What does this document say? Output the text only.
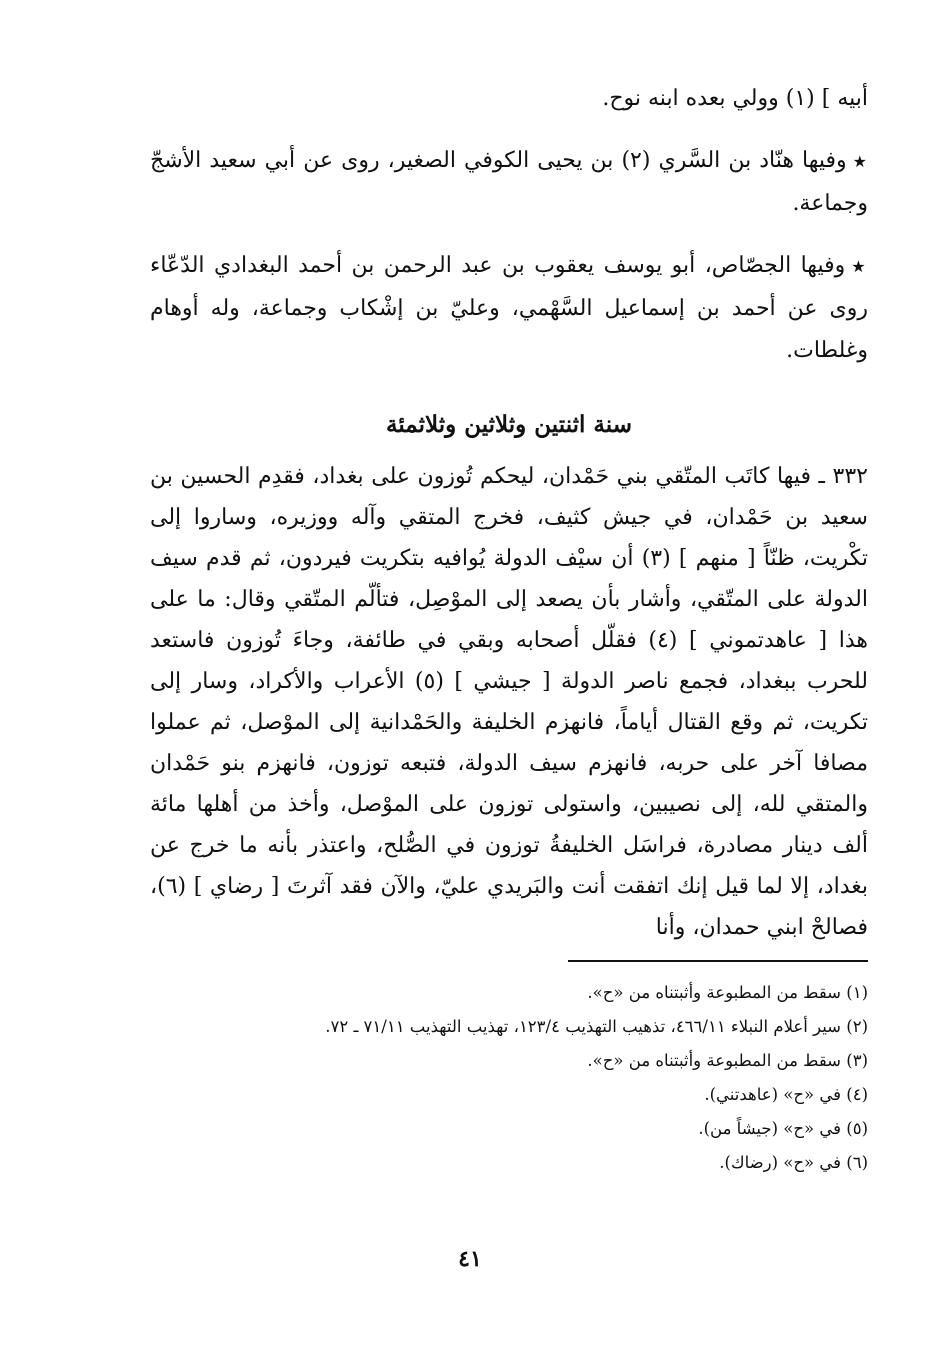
أبيه ] (١) وولي بعده ابنه نوح.

★وفيها هنّاد بن السَّري (٢) بن يحيى الكوفي الصغير، روى عن أبي سعيد الأشجّ وجماعة.

★وفيها الجصّاص، أبو يوسف يعقوب بن عبد الرحمن بن أحمد البغدادي الدّعّاء روى عن أحمد بن إسماعيل السَّهْمي، وعليّ بن إشْكاب وجماعة، وله أوهام وغلطات.

سنة اثنتين وثلاثين وثلاثمئة

٣٣٢ ـ فيها كاتَب المتّقي بني حَمْدان، ليحكم تُوزون على بغداد، فقدِم الحسين بن سعيد بن حَمْدان، في جيش كثيف، فخرج المتقي وآله ووزيره، وساروا إلى تكْريت، ظنّاً [ منهم ] (٣) أن سيْف الدولة يُوافيه بتكريت فيردون، ثم قدم سيف الدولة على المتّقي، وأشار بأن يصعد إلى الموْصِل، فتألّم المتّقي وقال: ما على هذا [ عاهدتموني ] (٤) فقلّل أصحابه وبقي في طائفة، وجاءَ تُوزون فاستعد للحرب ببغداد، فجمع ناصر الدولة [ جيشي ] (٥) الأعراب والأكراد، وسار إلى تكريت، ثم وقع القتال أياماً، فانهزم الخليفة والحَمْدانية إلى الموْصل، ثم عملوا مصافا آخر على حربه، فانهزم سيف الدولة، فتبعه توزون، فانهزم بنو حَمْدان والمتقي لله، إلى نصيبين، واستولى توزون على الموْصل، وأخذ من أهلها مائة ألف دينار مصادرة، فراسَل الخليفةُ توزون في الصُّلح، واعتذر بأنه ما خرج عن بغداد، إلا لما قيل إنك اتفقت أنت والبَريدي عليّ، والآن فقد آثرتَ [ رضاي ] (٦)، فصالحْ ابني حمدان، وأنا

(١) سقط من المطبوعة وأثبتناه من «ح».
(٢) سير أعلام النبلاء ٤٦٦/١١، تذهيب التهذيب ١٢٣/٤، تهذيب التهذيب ٧١/١١ ـ ٧٢.
(٣) سقط من المطبوعة وأثبتناه من «ح».
(٤) في «ح» (عاهدتني).
(٥) في «ح» (جيشاً من).
(٦) في «ح» (رضاك).
٤١
